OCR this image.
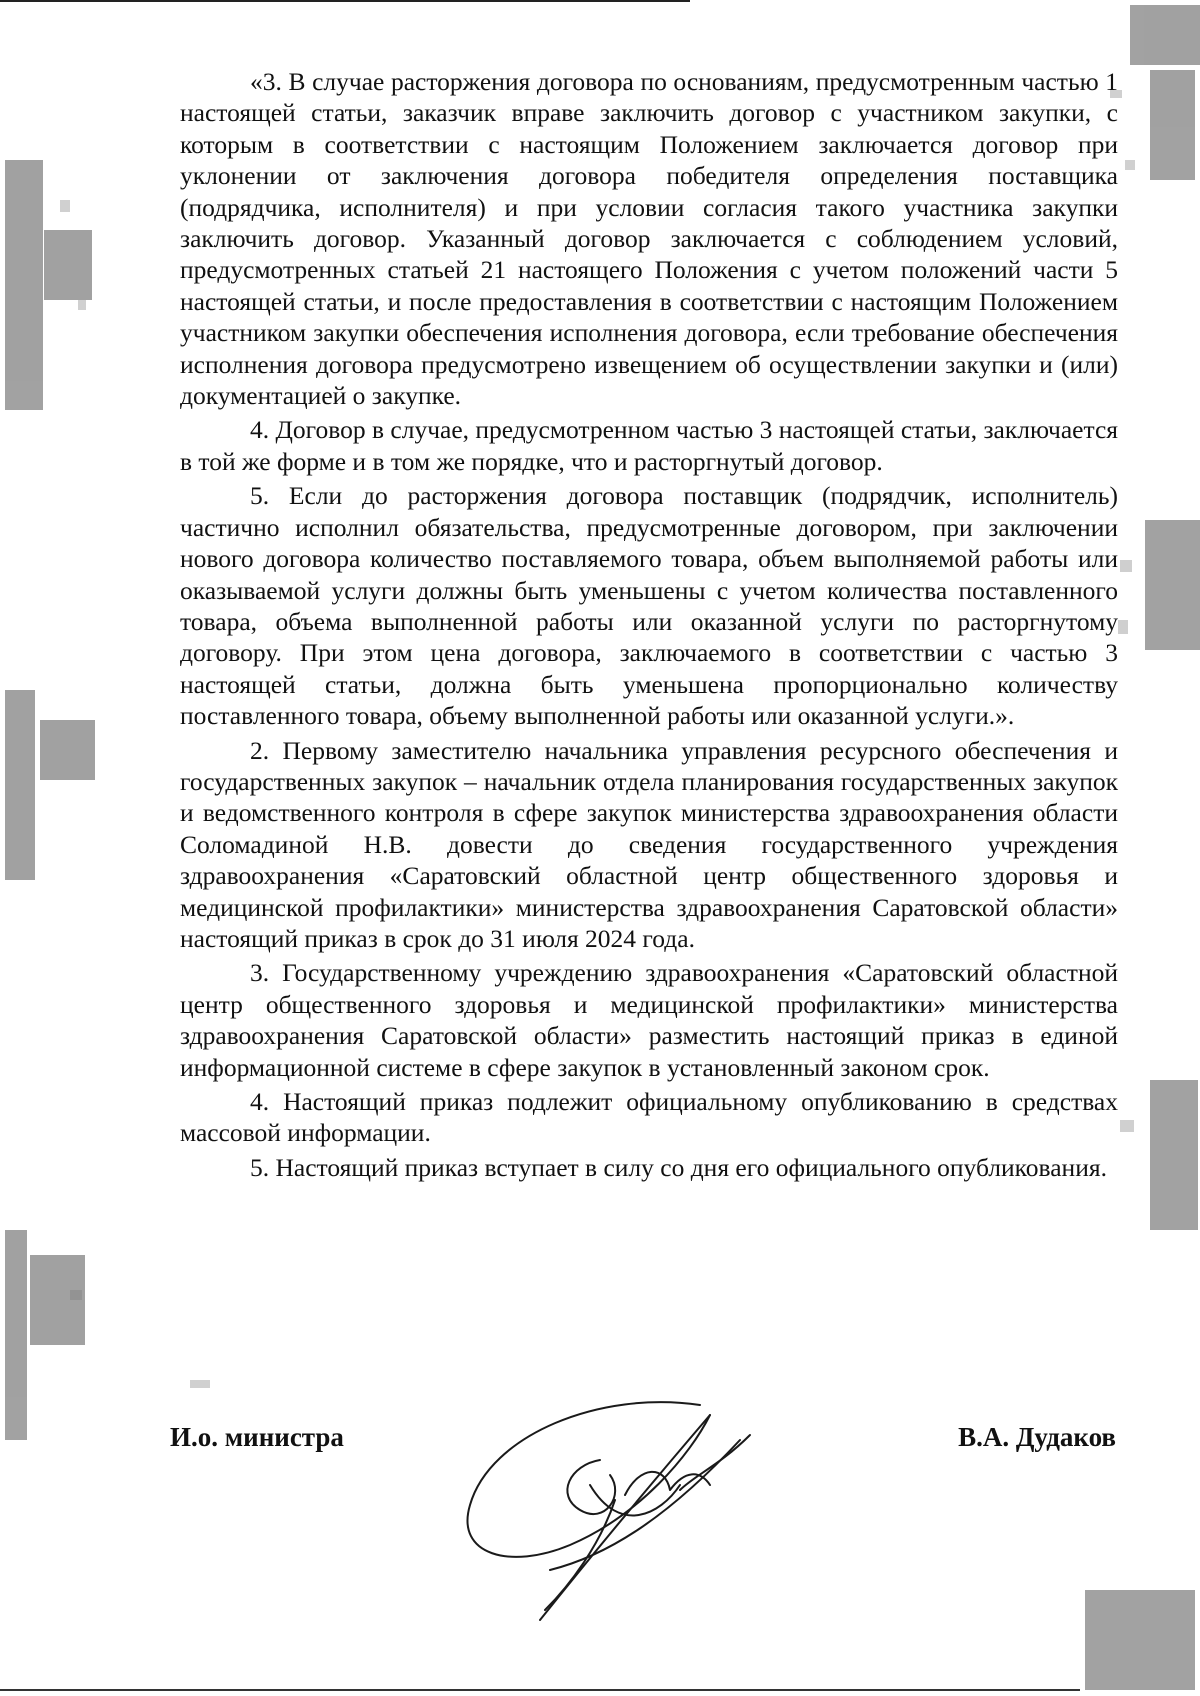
«3. В случае расторжения договора по основаниям, предусмотренным частью 1 настоящей статьи, заказчик вправе заключить договор с участником закупки, с которым в соответствии с настоящим Положением заключается договор при уклонении от заключения договора победителя определения поставщика (подрядчика, исполнителя) и при условии согласия такого участника закупки заключить договор. Указанный договор заключается с соблюдением условий, предусмотренных статьей 21 настоящего Положения с учетом положений части 5 настоящей статьи, и после предоставления в соответствии с настоящим Положением участником закупки обеспечения исполнения договора, если требование обеспечения исполнения договора предусмотрено извещением об осуществлении закупки и (или) документацией о закупке.

4. Договор в случае, предусмотренном частью 3 настоящей статьи, заключается в той же форме и в том же порядке, что и расторгнутый договор.

5. Если до расторжения договора поставщик (подрядчик, исполнитель) частично исполнил обязательства, предусмотренные договором, при заключении нового договора количество поставляемого товара, объем выполняемой работы или оказываемой услуги должны быть уменьшены с учетом количества поставленного товара, объема выполненной работы или оказанной услуги по расторгнутому договору. При этом цена договора, заключаемого в соответствии с частью 3 настоящей статьи, должна быть уменьшена пропорционально количеству поставленного товара, объему выполненной работы или оказанной услуги.».

2. Первому заместителю начальника управления ресурсного обеспечения и государственных закупок – начальник отдела планирования государственных закупок и ведомственного контроля в сфере закупок министерства здравоохранения области Соломадиной Н.В. довести до сведения государственного учреждения здравоохранения «Саратовский областной центр общественного здоровья и медицинской профилактики» министерства здравоохранения Саратовской области» настоящий приказ в срок до 31 июля 2024 года.

3. Государственному учреждению здравоохранения «Саратовский областной центр общественного здоровья и медицинской профилактики» министерства здравоохранения Саратовской области» разместить настоящий приказ в единой информационной системе в сфере закупок в установленный законом срок.

4. Настоящий приказ подлежит официальному опубликованию в средствах массовой информации.

5. Настоящий приказ вступает в силу со дня его официального опубликования.

И.о. министра	В.А. Дудаков
